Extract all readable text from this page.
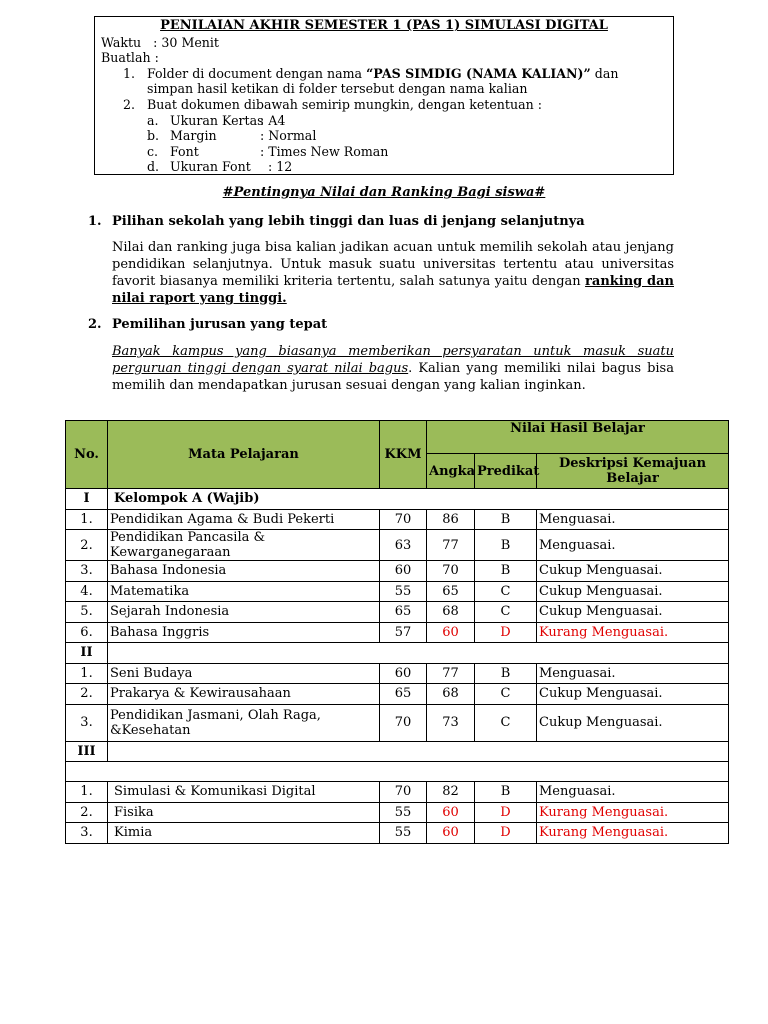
PENILAIAN AKHIR SEMESTER 1 (PAS 1) SIMULASI DIGITAL
Waktu   : 30 Menit
Buatlah :
1. Folder di document dengan nama “PAS SIMDIG (NAMA KALIAN)” dan simpan hasil ketikan di folder tersebut dengan nama kalian
2. Buat dokumen dibawah semirip mungkin, dengan ketentuan :
a. Ukuran Kertas: A4
b. Margin	: Normal
c. Font	: Times New Roman
d. Ukuran Font  : 12
#Pentingnya Nilai dan Ranking Bagi siswa#
1. Pilihan sekolah yang lebih tinggi dan luas di jenjang selanjutnya
Nilai dan ranking juga bisa kalian jadikan acuan untuk memilih sekolah atau jenjang pendidikan selanjutnya. Untuk masuk suatu universitas tertentu atau universitas favorit biasanya memiliki kriteria tertentu, salah satunya yaitu dengan ranking dan nilai raport yang tinggi.
2. Pemilihan jurusan yang tepat
Banyak kampus yang biasanya memberikan persyaratan untuk masuk suatu perguruan tinggi dengan syarat nilai bagus. Kalian yang memiliki nilai bagus bisa memilih dan mendapatkan jurusan sesuai dengan yang kalian inginkan.
No.	Mata Pelajaran	KKM	Nilai Hasil Belajar		
			Angka	Predikat	Deskripsi Kemajuan Belajar
I	Kelompok A (Wajib)				
1.	Pendidikan Agama & Budi Pekerti	70	86	B	Menguasai.
2.	Pendidikan Pancasila & Kewarganegaraan	63	77	B	Menguasai.
3.	Bahasa Indonesia	60	70	B	Cukup Menguasai.
4.	Matematika	55	65	C	Cukup Menguasai.
5.	Sejarah Indonesia	65	68	C	Cukup Menguasai.
6.	Bahasa Inggris	57	60	D	Kurang Menguasai.
II					
1.	Seni Budaya	60	77	B	Menguasai.
2.	Prakarya & Kewirausahaan	65	68	C	Cukup Menguasai.
3.	Pendidikan Jasmani, Olah Raga, &Kesehatan	70	73	C	Cukup Menguasai.
III					

1.	Simulasi & Komunikasi Digital	70	82	B	Menguasai.
2.	Fisika	55	60	D	Kurang Menguasai.
3.	Kimia	55	60	D	Kurang Menguasai.
